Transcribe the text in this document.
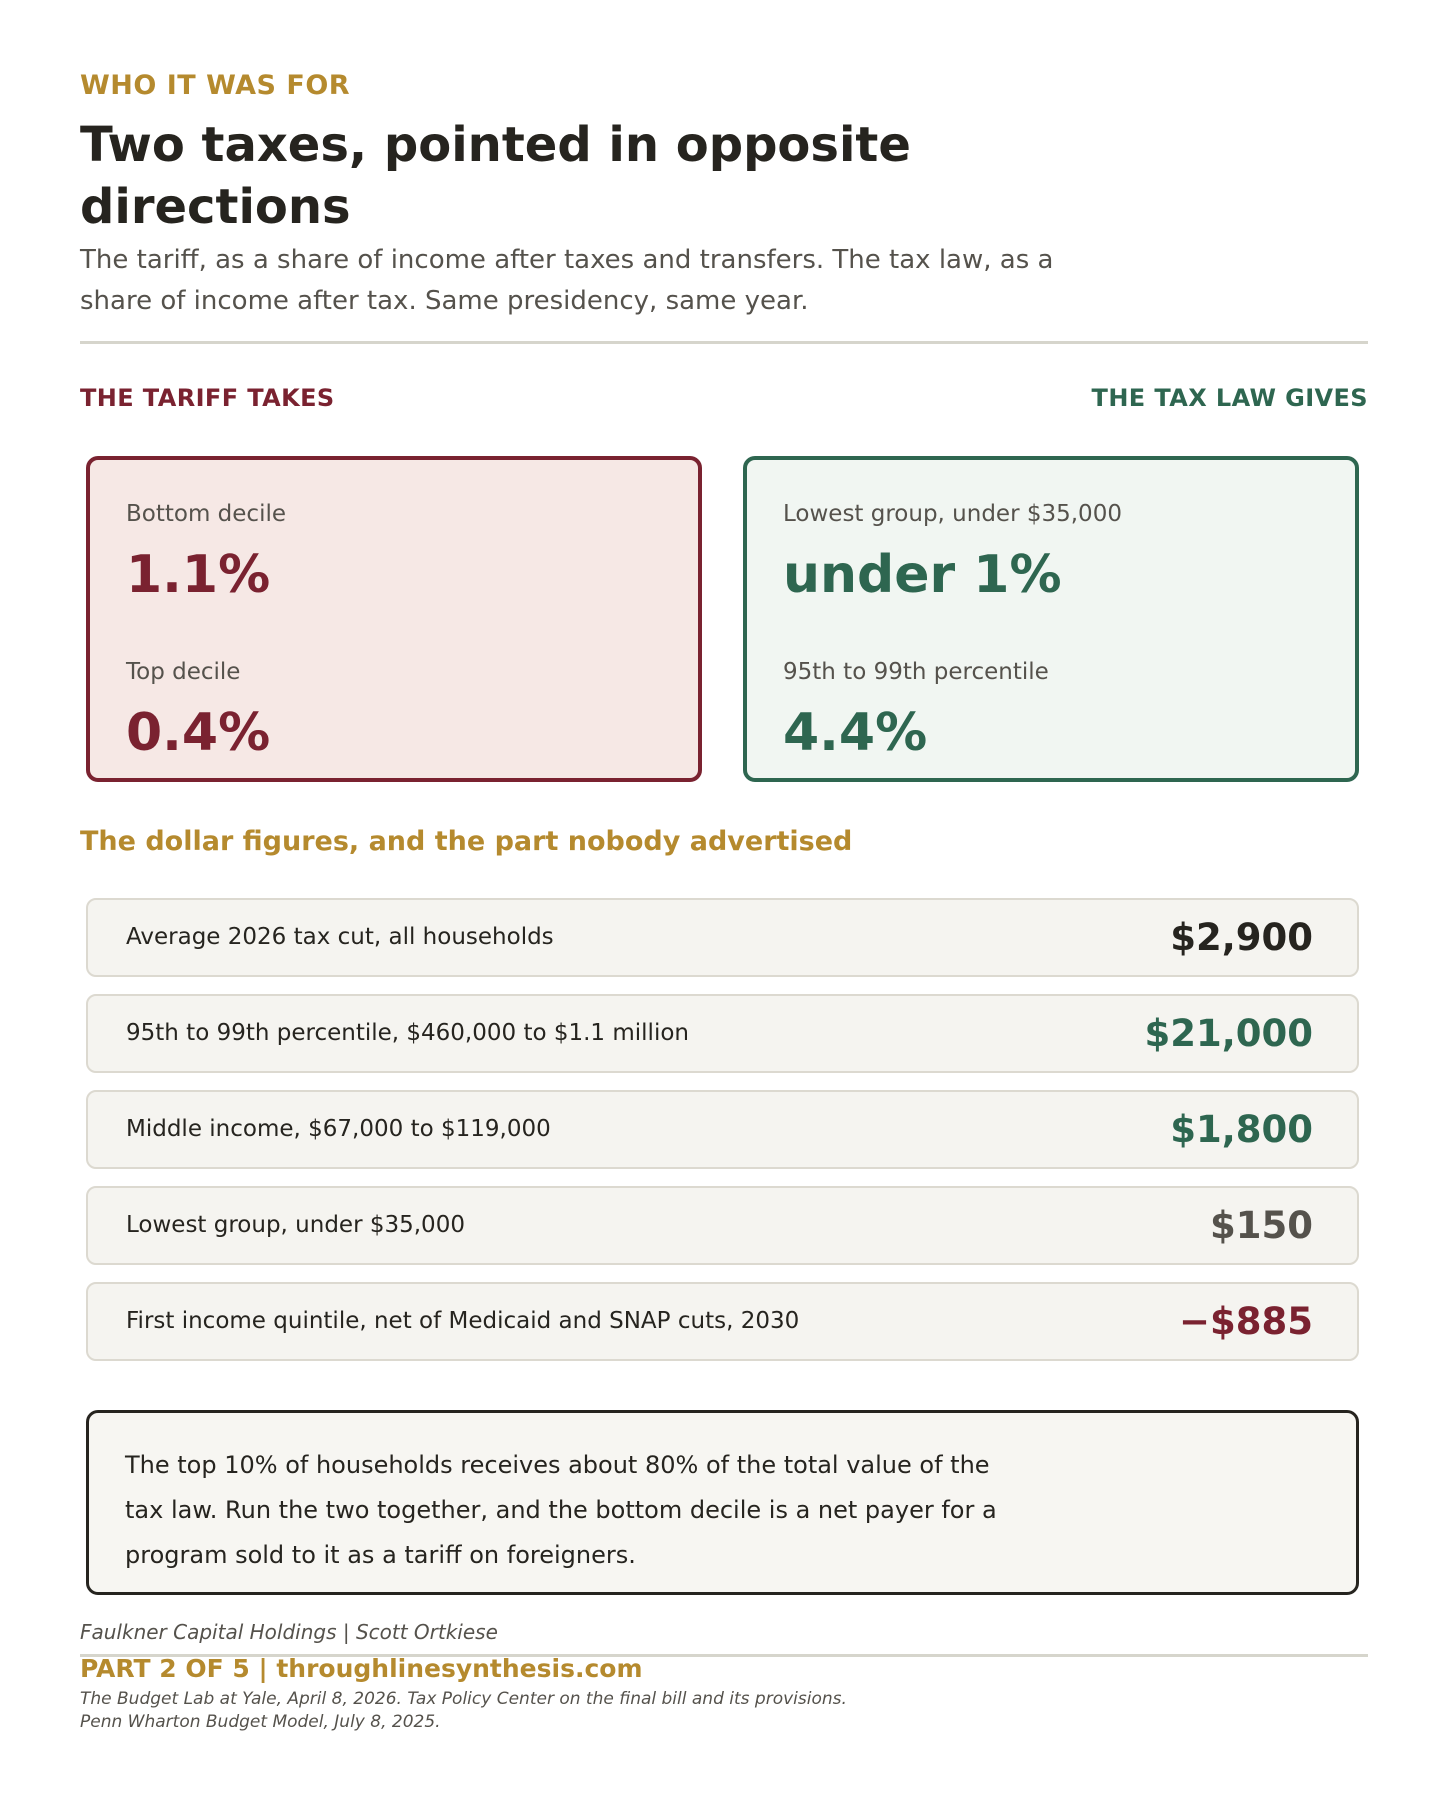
WHO IT WAS FOR
Two taxes, pointed in opposite directions

The tariff, as a share of income after taxes and transfers. The tax law, as a share of income after tax. Same presidency, same year.

THE TARIFF TAKES	THE TAX LAW GIVES
Bottom decile
1.1%
Top decile
0.4%
Lowest group, under $35,000
under 1%
95th to 99th percentile
4.4%
The dollar figures, and the part nobody advertised
Average 2026 tax cut, all households	$2,900
95th to 99th percentile, $460,000 to $1.1 million	$21,000
Middle income, $67,000 to $119,000	$1,800
Lowest group, under $35,000	$150
First income quintile, net of Medicaid and SNAP cuts, 2030	−$885

The top 10% of households receives about 80% of the total value of the tax law. Run the two together, and the bottom decile is a net payer for a program sold to it as a tariff on foreigners.

Faulkner Capital Holdings | Scott Ortkiese
PART 2 OF 5 | throughlinesynthesis.com
The Budget Lab at Yale, April 8, 2026. Tax Policy Center on the final bill and its provisions.
Penn Wharton Budget Model, July 8, 2025.
